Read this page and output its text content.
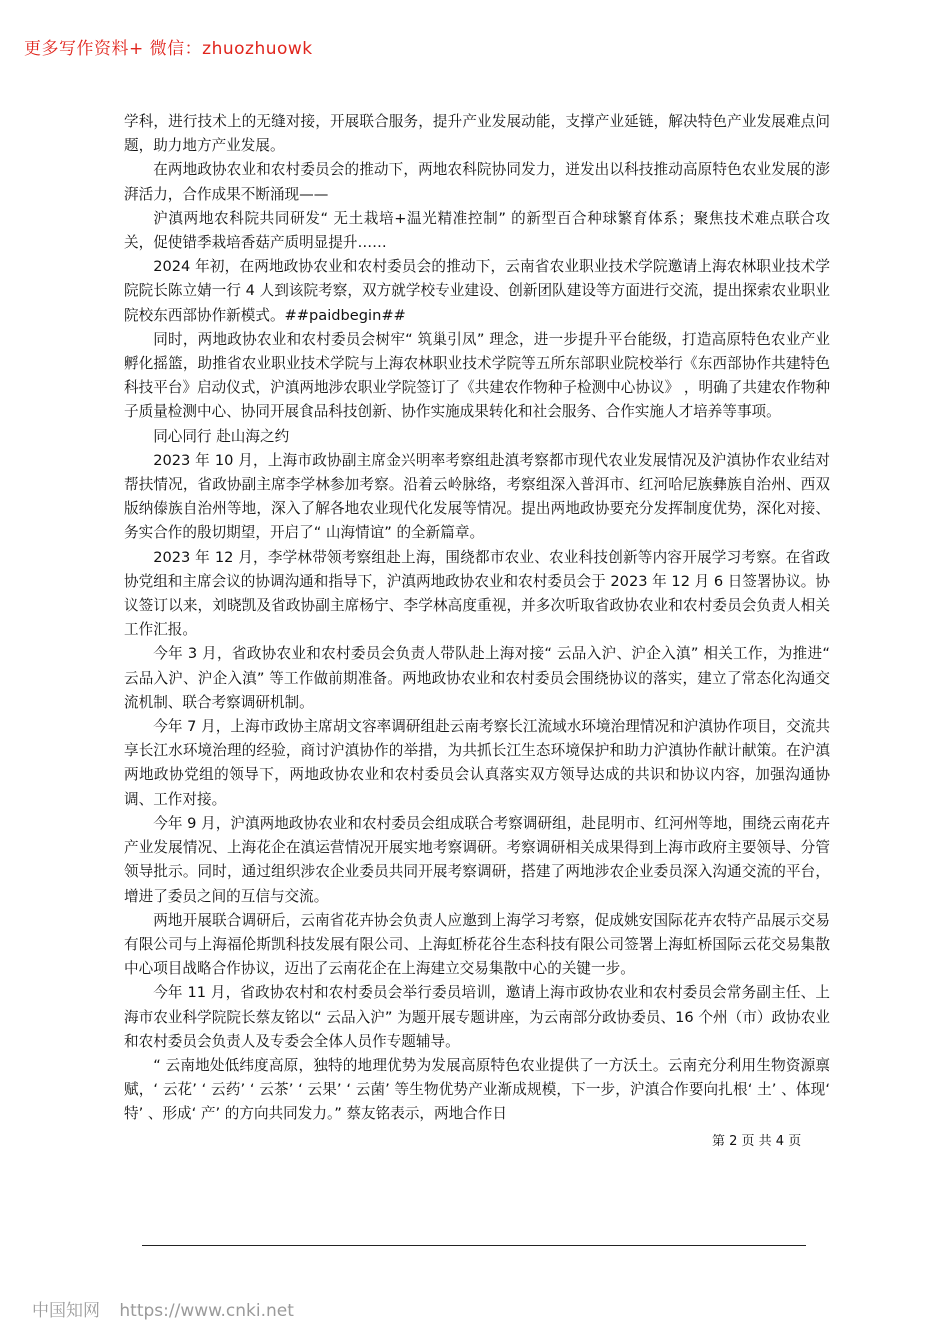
更多写作资料+ 微信：zhuozhuowk

学科，进行技术上的无缝对接，开展联合服务，提升产业发展动能，支撑产业延链，解决特色产业发展难点问题，助力地方产业发展。

在两地政协农业和农村委员会的推动下，两地农科院协同发力，迸发出以科技推动高原特色农业发展的澎湃活力，合作成果不断涌现——

沪滇两地农科院共同研发“ 无土栽培+温光精准控制” 的新型百合种球繁育体系；聚焦技术难点联合攻关，促使错季栽培香菇产质明显提升……

2024 年初，在两地政协农业和农村委员会的推动下，云南省农业职业技术学院邀请上海农林职业技术学院院长陈立婧一行 4 人到该院考察，双方就学校专业建设、创新团队建设等方面进行交流，提出探索农业职业院校东西部协作新模式。##paidbegin##

同时，两地政协农业和农村委员会树牢“ 筑巢引凤” 理念，进一步提升平台能级，打造高原特色农业产业孵化摇篮，助推省农业职业技术学院与上海农林职业技术学院等五所东部职业院校举行《东西部协作共建特色科技平台》启动仪式，沪滇两地涉农职业学院签订了《共建农作物种子检测中心协议》 ，明确了共建农作物种子质量检测中心、协同开展食品科技创新、协作实施成果转化和社会服务、合作实施人才培养等事项。

同心同行 赴山海之约

2023 年 10 月，上海市政协副主席金兴明率考察组赴滇考察都市现代农业发展情况及沪滇协作农业结对帮扶情况，省政协副主席李学林参加考察。沿着云岭脉络，考察组深入普洱市、红河哈尼族彝族自治州、西双版纳傣族自治州等地，深入了解各地农业现代化发展等情况。提出两地政协要充分发挥制度优势，深化对接、务实合作的殷切期望，开启了“ 山海情谊” 的全新篇章。

2023 年 12 月，李学林带领考察组赴上海，围绕都市农业、农业科技创新等内容开展学习考察。在省政协党组和主席会议的协调沟通和指导下，沪滇两地政协农业和农村委员会于 2023 年 12 月 6 日签署协议。协议签订以来，刘晓凯及省政协副主席杨宁、李学林高度重视，并多次听取省政协农业和农村委员会负责人相关工作汇报。

今年 3 月，省政协农业和农村委员会负责人带队赴上海对接“ 云品入沪、沪企入滇” 相关工作，为推进“ 云品入沪、沪企入滇” 等工作做前期准备。两地政协农业和农村委员会围绕协议的落实，建立了常态化沟通交流机制、联合考察调研机制。

今年 7 月，上海市政协主席胡文容率调研组赴云南考察长江流域水环境治理情况和沪滇协作项目，交流共享长江水环境治理的经验，商讨沪滇协作的举措，为共抓长江生态环境保护和助力沪滇协作献计献策。在沪滇两地政协党组的领导下，两地政协农业和农村委员会认真落实双方领导达成的共识和协议内容，加强沟通协调、工作对接。

今年 9 月，沪滇两地政协农业和农村委员会组成联合考察调研组，赴昆明市、红河州等地，围绕云南花卉产业发展情况、上海花企在滇运营情况开展实地考察调研。考察调研相关成果得到上海市政府主要领导、分管领导批示。同时，通过组织涉农企业委员共同开展考察调研，搭建了两地涉农企业委员深入沟通交流的平台，增进了委员之间的互信与交流。

两地开展联合调研后，云南省花卉协会负责人应邀到上海学习考察，促成姚安国际花卉农特产品展示交易有限公司与上海福伦斯凯科技发展有限公司、上海虹桥花谷生态科技有限公司签署上海虹桥国际云花交易集散中心项目战略合作协议，迈出了云南花企在上海建立交易集散中心的关键一步。

今年 11 月，省政协农村和农村委员会举行委员培训，邀请上海市政协农业和农村委员会常务副主任、上海市农业科学院院长蔡友铭以“ 云品入沪” 为题开展专题讲座，为云南部分政协委员、16 个州（市）政协农业和农村委员会负责人及专委会全体人员作专题辅导。

“ 云南地处低纬度高原，独特的地理优势为发展高原特色农业提供了一方沃土。云南充分利用生物资源禀赋，‘ 云花’ ‘ 云药’ ‘ 云茶’ ‘ 云果’ ‘ 云菌’ 等生物优势产业渐成规模，下一步，沪滇合作要向扎根‘ 土’ 、体现‘ 特’ 、形成‘ 产’ 的方向共同发力。” 蔡友铭表示，两地合作日

第 2 页 共 4 页
中国知网 https://www.cnki.net
